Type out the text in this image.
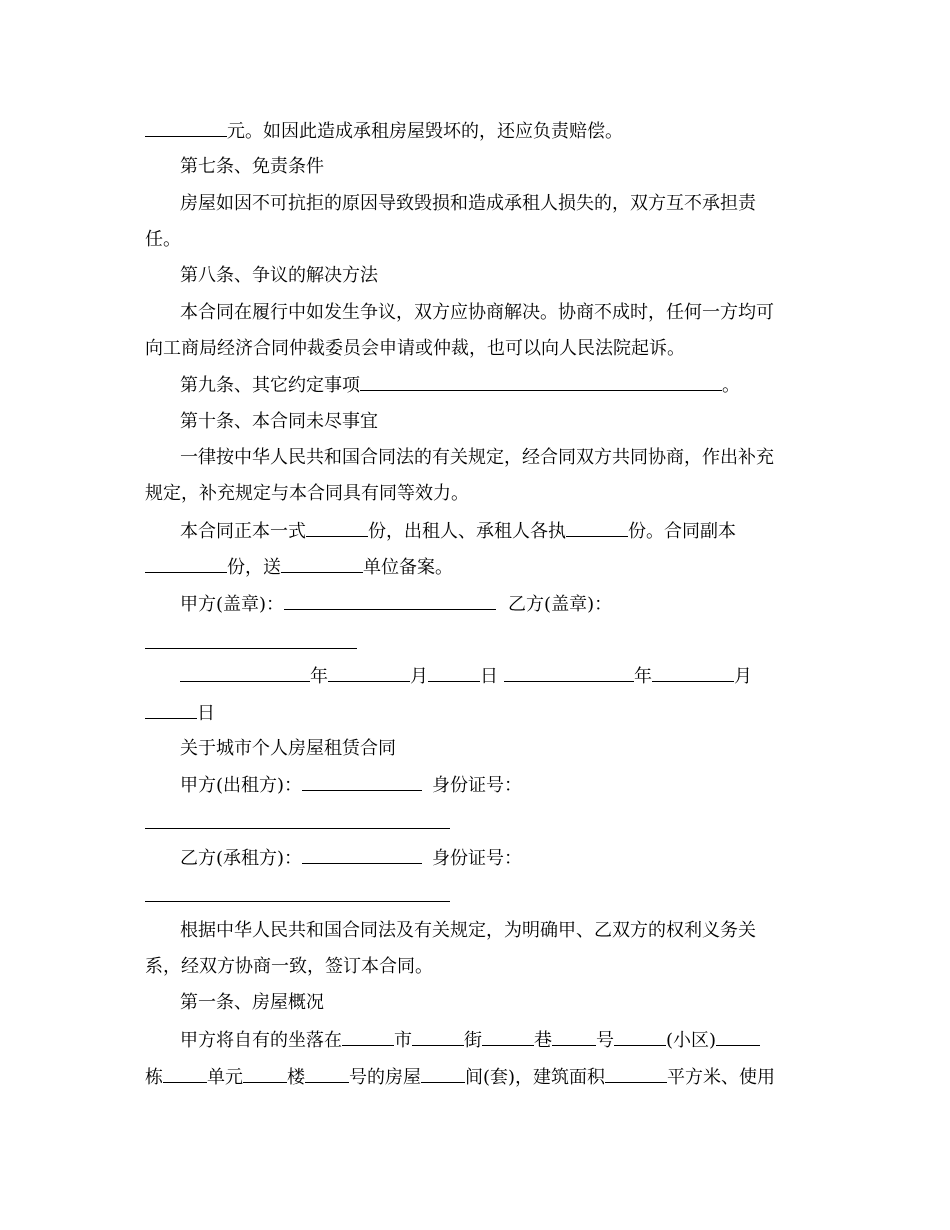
元。如因此造成承租房屋毁坏的，还应负责赔偿。
第七条、免责条件
房屋如因不可抗拒的原因导致毁损和造成承租人损失的，双方互不承担责
任。
第八条、争议的解决方法
本合同在履行中如发生争议，双方应协商解决。协商不成时，任何一方均可
向工商局经济合同仲裁委员会申请或仲裁，也可以向人民法院起诉。
第九条、其它约定事项	。
第十条、本合同未尽事宜
一律按中华人民共和国合同法的有关规定，经合同双方共同协商，作出补充
规定，补充规定与本合同具有同等效力。
本合同正本一式	份，出租人、承租人各执	份。合同副本
份，送	单位备案。
甲方(盖章)：	乙方(盖章)：
年	月	日	年	月
日
关于城市个人房屋租赁合同
甲方(出租方)：	身份证号：
乙方(承租方)：	身份证号：
根据中华人民共和国合同法及有关规定，为明确甲、乙双方的权利义务关
系，经双方协商一致，签订本合同。
第一条、房屋概况
甲方将自有的坐落在	市	街	巷 号	(小区)
栋 单元 楼 号的房屋 间(套)，建筑面积	平方米、使用
